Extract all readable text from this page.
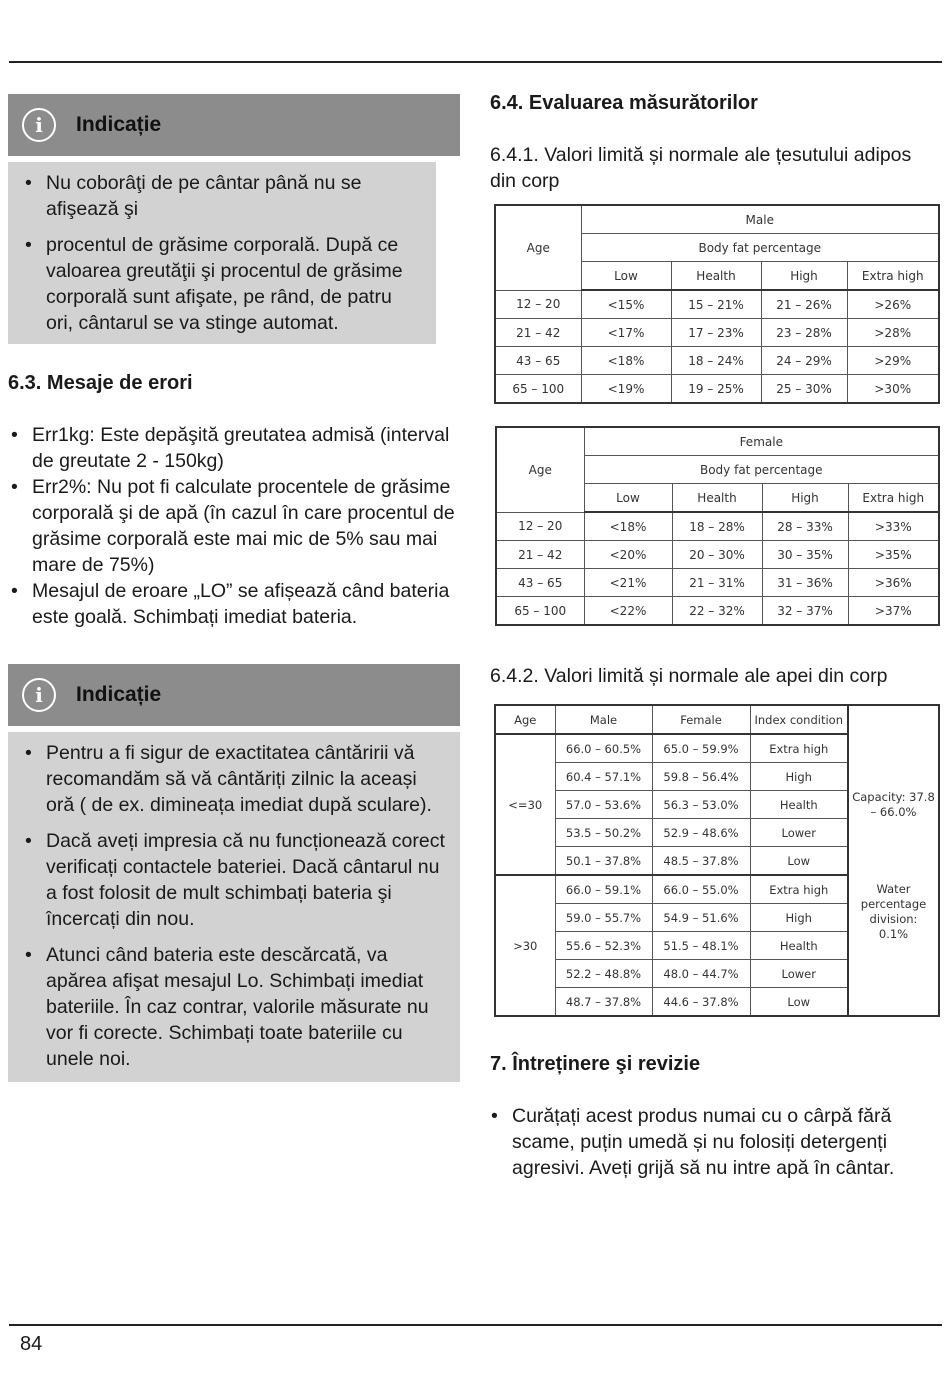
i	Indicație
• Nu coborâţi de pe cântar până nu se afişează şi
• procentul de grăsime corporală. După ce valoarea greutăţii şi procentul de grăsime corporală sunt afişate, pe rând, de patru ori, cântarul se va stinge automat.
6.3. Mesaje de erori
• Err1kg: Este depăşită greutatea admisă (interval de greutate 2 - 150kg)
• Err2%: Nu pot fi calculate procentele de grăsime corporală şi de apă (în cazul în care procentul de grăsime corporală este mai mic de 5% sau mai mare de 75%)
• Mesajul de eroare „LO” se afișează când bateria este goală. Schimbați imediat bateria.
i	Indicație
• Pentru a fi sigur de exactitatea cântăririi vă recomandăm să vă cântăriți zilnic la aceași oră ( de ex. dimineața imediat după sculare).
• Dacă aveți impresia că nu funcționează corect verificați contactele bateriei. Dacă cântarul nu a fost folosit de mult schimbați bateria şi încercați din nou.
• Atunci când bateria este descărcată, va apărea afişat mesajul Lo. Schimbați imediat bateriile. În caz contrar, valorile măsurate nu vor fi corecte. Schimbați toate bateriile cu unele noi.
6.4. Evaluarea măsurătorilor

6.4.1. Valori limită și normale ale țesutului adipos din corp

Age	Male			
	Body fat percentage			
	Low	Health	High	Extra high
12 – 20	<15%	15 – 21%	21 – 26%	>26%
21 – 42	<17%	17 – 23%	23 – 28%	>28%
43 – 65	<18%	18 – 24%	24 – 29%	>29%
65 – 100	<19%	19 – 25%	25 – 30%	>30%
Age	Female			
	Body fat percentage			
	Low	Health	High	Extra high
12 – 20	<18%	18 – 28%	28 – 33%	>33%
21 – 42	<20%	20 – 30%	30 – 35%	>35%
43 – 65	<21%	21 – 31%	31 – 36%	>36%
65 – 100	<22%	22 – 32%	32 – 37%	>37%

6.4.2. Valori limită și normale ale apei din corp

Age	Male	Female	Index condition	Capacity: 37.8 – 66.0%
Water percentage division: 0.1%

<=30	66.0 – 60.5%	65.0 – 59.9%	Extra high	
	60.4 – 57.1%	59.8 – 56.4%	High	
	57.0 – 53.6%	56.3 – 53.0%	Health	
	53.5 – 50.2%	52.9 – 48.6%	Lower	
	50.1 – 37.8%	48.5 – 37.8%	Low	
>30	66.0 – 59.1%	66.0 – 55.0%	Extra high	
	59.0 – 55.7%	54.9 – 51.6%	High	
	55.6 – 52.3%	51.5 – 48.1%	Health	
	52.2 – 48.8%	48.0 – 44.7%	Lower	
	48.7 – 37.8%	44.6 – 37.8%	Low	
7. Întreținere şi revizie
• Curățați acest produs numai cu o cârpă fără scame, puțin umedă și nu folosiți detergenți agresivi. Aveți grijă să nu intre apă în cântar.
84
